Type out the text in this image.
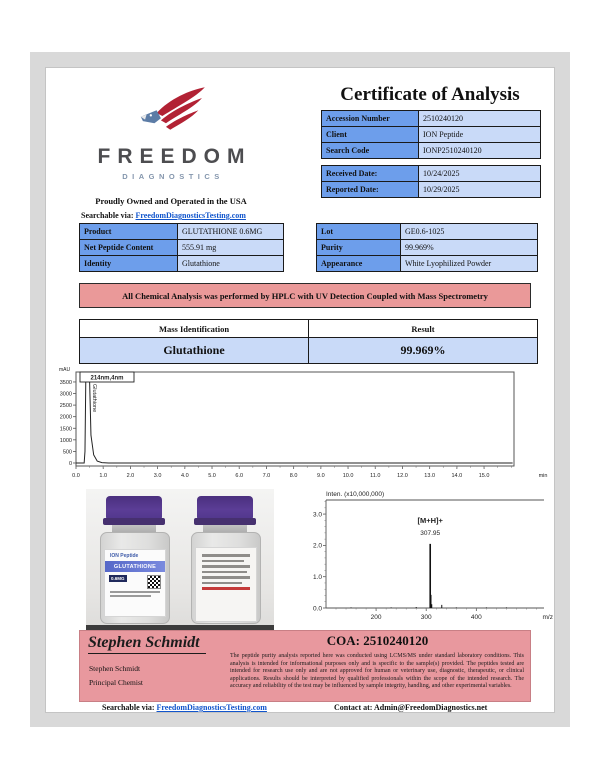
FREEDOM
DIAGNOSTICS
Proudly Owned and Operated in the USA
Searchable via: FreedomDiagnosticsTesting.com
Certificate of Analysis
Accession Number	2510240120
Client	ION Peptide
Search Code	IONP2510240120
Received Date:	10/24/2025
Reported Date:	10/29/2025
Product	GLUTATHIONE 0.6MG
Net Peptide Content	555.91 mg
Identity	Glutathione
Lot	GE0.6-1025
Purity	99.969%
Appearance	White Lyophilized Powder
All Chemical Analysis was performed by HPLC with UV Detection Coupled with Mass Spectrometry
Mass Identification	Result
Glutathione	99.969%
mAU
0
500
1000
1500
2000
2500
3000
3500
0.0	1.0	2.0	3.0	4.0	5.0	6.0	7.0	8.0	9.0	10.0	11.0	12.0	13.0	14.0	15.0	min
214nm,4nm
Glutathione
ION Peptide
GLUTATHIONE
0.6MG
Inten. (x10,000,000)
0.0
1.0
2.0
3.0
200	300	400	m/z
[M+H]+
307.95
Stephen Schmidt
Stephen Schmidt
Principal Chemist
COA: 2510240120
The peptide purity analysis reported here was conducted using LCMS/MS under standard laboratory conditions. This analysis is intended for informational purposes only and is specific to the sample(s) provided. The peptides tested are intended for research use only and are not approved for human or veterinary use, diagnostic, therapeutic, or clinical applications. Results should be interpreted by qualified professionals within the scope of the intended research. The accuracy and reliability of the test may be influenced by sample integrity, handling, and other experimental variables.
Searchable via: FreedomDiagnosticsTesting.com	Contact at: Admin@FreedomDiagnostics.net
